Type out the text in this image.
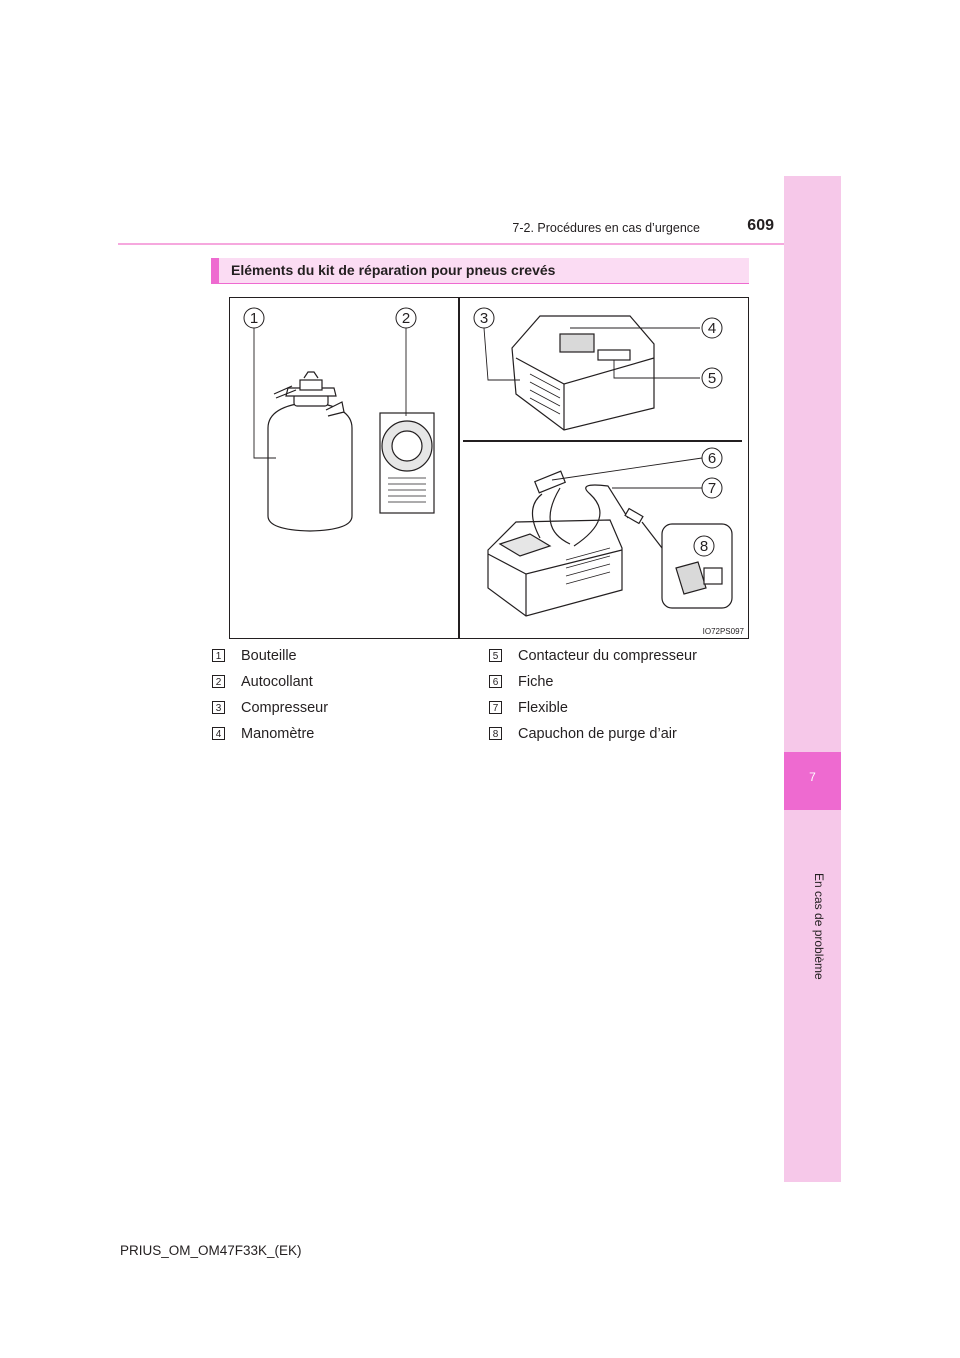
7
En cas de problème
7-2. Procédures en cas d’urgence	609
Eléments du kit de réparation pour pneus crevés
1	2	3
4
5
6
7
8
IO72PS097
1 Bouteille
2 Autocollant
3 Compresseur
4 Manomètre
5 Contacteur du compresseur
6 Fiche
7 Flexible
8 Capuchon de purge d’air
PRIUS_OM_OM47F33K_(EK)
